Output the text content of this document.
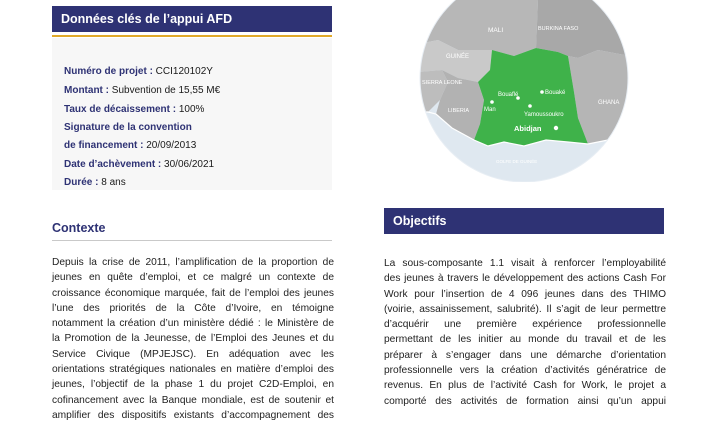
Données clés de l’appui AFD
Numéro de projet : CCI120102Y
Montant : Subvention de 15,55 M€
Taux de décaissement : 100%
Signature de la convention
de financement : 20/09/2013
Date d’achèvement : 30/06/2021
Durée : 8 ans
Contexte
Depuis la crise de 2011, l’amplification de la proportion de
jeunes en quête d’emploi, et ce malgré un contexte de
croissance économique marquée, fait de l’emploi des jeunes
l’une des priorités de la Côte d’Ivoire, en témoigne
notamment la création d’un ministère dédié : le Ministère de
la Promotion de la Jeunesse, de l’Emploi des Jeunes et du
Service Civique (MPJEJSC). En adéquation avec les
orientations stratégiques nationales en matière d’emploi des
jeunes, l’objectif de la phase 1 du projet C2D-Emploi, en
cofinancement avec la Banque mondiale, est de soutenir et
amplifier des dispositifs existants d’accompagnement des
MALI	BURKINA FASO
GUINÉE
SIERRA LEONE
LIBERIA
GHANA
Bouaflé	Bouaké
Man
Yamoussoukro
Abidjan
GOLFE DE GUINÉE
Objectifs
La sous-composante 1.1 visait à renforcer l’employabilité
des jeunes à travers le développement des actions Cash For
Work pour l’insertion de 4 096 jeunes dans des THIMO
(voirie, assainissement, salubrité). Il s’agit de leur permettre
d’acquérir une première expérience professionnelle
permettant de les initier au monde du travail et de les
préparer à s’engager dans une démarche d’orientation
professionnelle vers la création d’activités génératrice de
revenus. En plus de l’activité Cash for Work, le projet a
comporté des activités de formation ainsi qu’un appui
